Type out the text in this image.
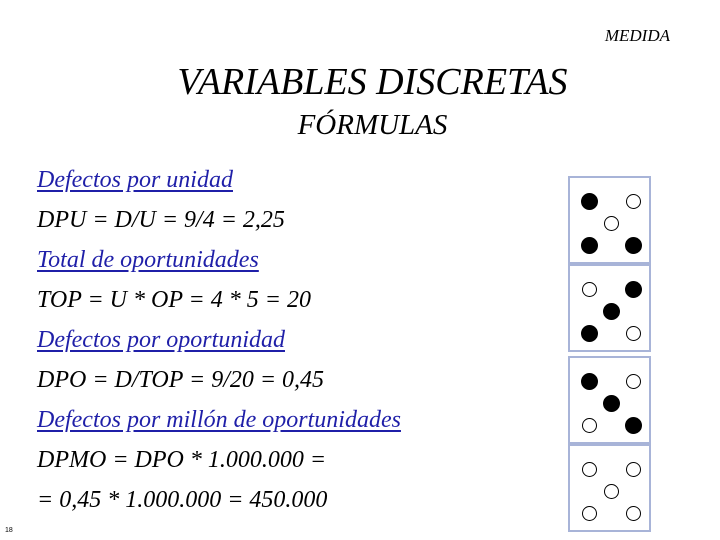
MEDIDA
VARIABLES DISCRETAS
FÓRMULAS
Defectos por unidad
DPU = D/U = 9/4 = 2,25
Total de oportunidades
TOP = U * OP = 4 * 5 = 20
Defectos por oportunidad
DPO = D/TOP = 9/20 = 0,45
Defectos por millón de oportunidades
DPMO = DPO * 1.000.000 =
= 0,45 * 1.000.000 = 450.000
18
